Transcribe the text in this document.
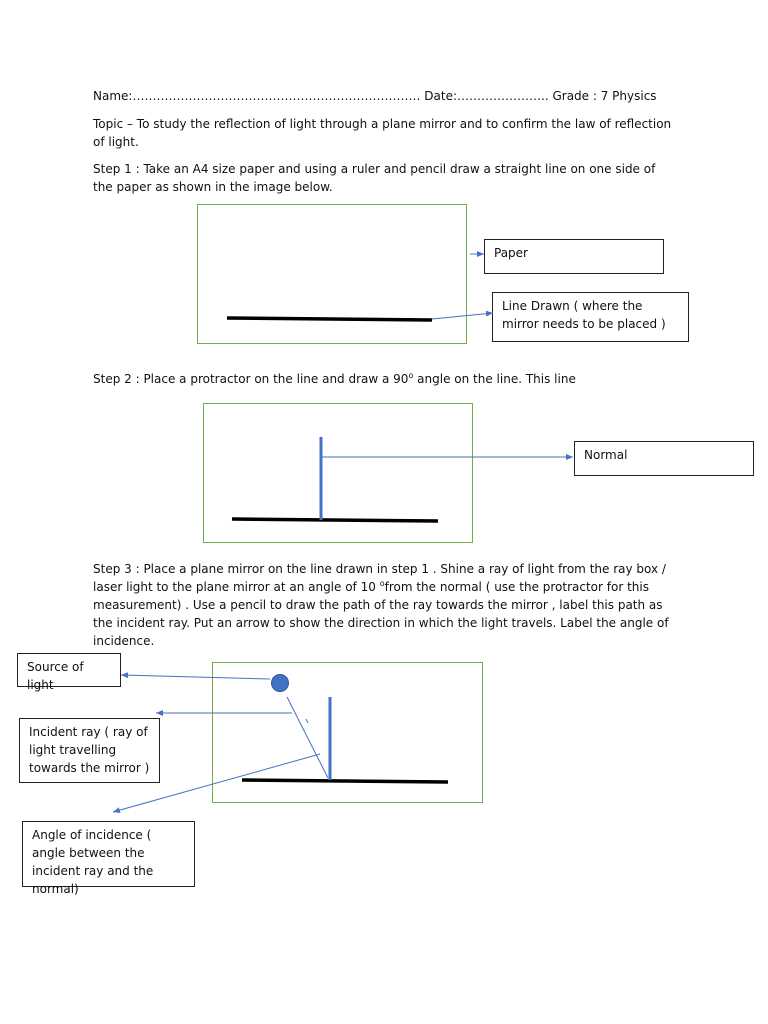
Name:……………………………………………………………… Date:………………….. Grade : 7 Physics

Topic – To study the reflection of light through a plane mirror and to confirm the law of reflection of light.

Step 1 : Take an A4 size paper and using a ruler and pencil draw a straight line on one side of the paper as shown in the image below.

Step 2 : Place a protractor on the line and draw a 90$^o$ angle on the line. This line

Step 3 : Place a plane mirror on the line drawn in step 1 . Shine a ray of light from the ray box / laser light to the plane mirror at an angle of 10 $^o$from the normal ( use the protractor for this measurement) . Use a pencil to draw the path of the ray towards the mirror , label this path as the incident ray. Put an arrow to show the direction in which the light travels. Label the angle of incidence.

Paper
Line Drawn ( where the mirror needs to be placed )
Normal
Source of light
Incident ray ( ray of light travelling towards the mirror )
Angle of incidence ( angle between the incident ray and the normal)
